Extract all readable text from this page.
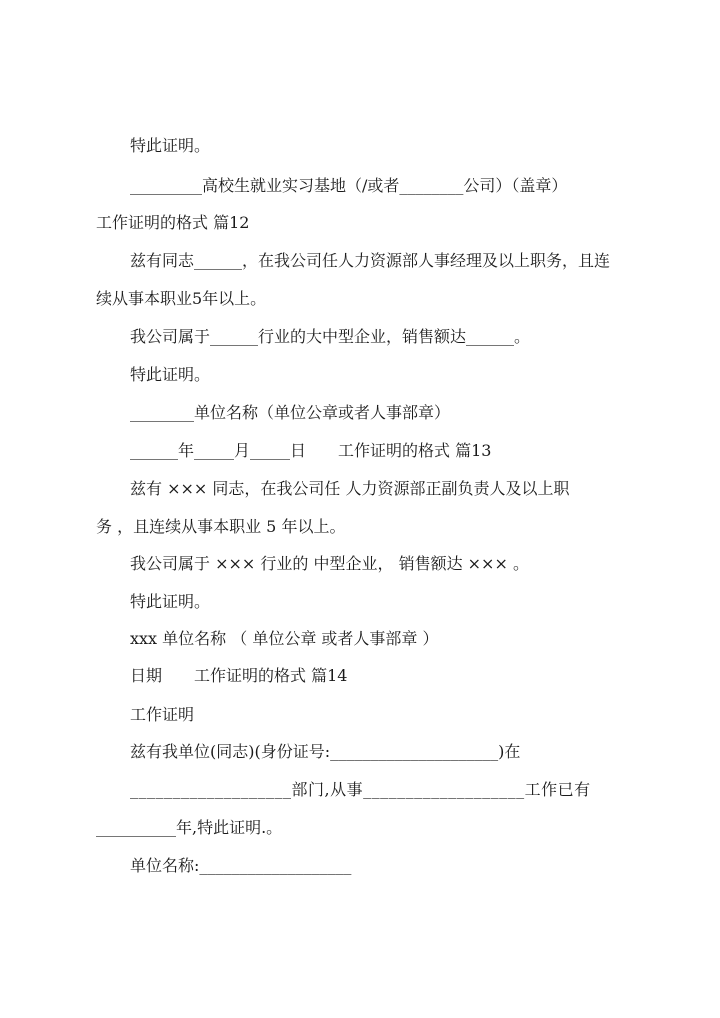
特此证明。
_________高校生就业实习基地（/或者________公司）（盖章）
工作证明的格式 篇12
兹有同志______，在我公司任人力资源部人事经理及以上职务，且连
续从事本职业5年以上。
我公司属于______行业的大中型企业，销售额达______。
特此证明。
________单位名称（单位公章或者人事部章）
______年_____月_____日　　工作证明的格式 篇13
兹有 ××× 同志，在我公司任 人力资源部正副负责人及以上职
务 ，且连续从事本职业 5 年以上。
我公司属于 ××× 行业的 中型企业， 销售额达 ××× 。
特此证明。
xxx 单位名称 （ 单位公章 或者人事部章 ）
日期　　工作证明的格式 篇14
工作证明
兹有我单位(同志)(身份证号:_____________________)在
___________________部门,从事___________________工作已有
__________年,特此证明.。
单位名称:___________________
